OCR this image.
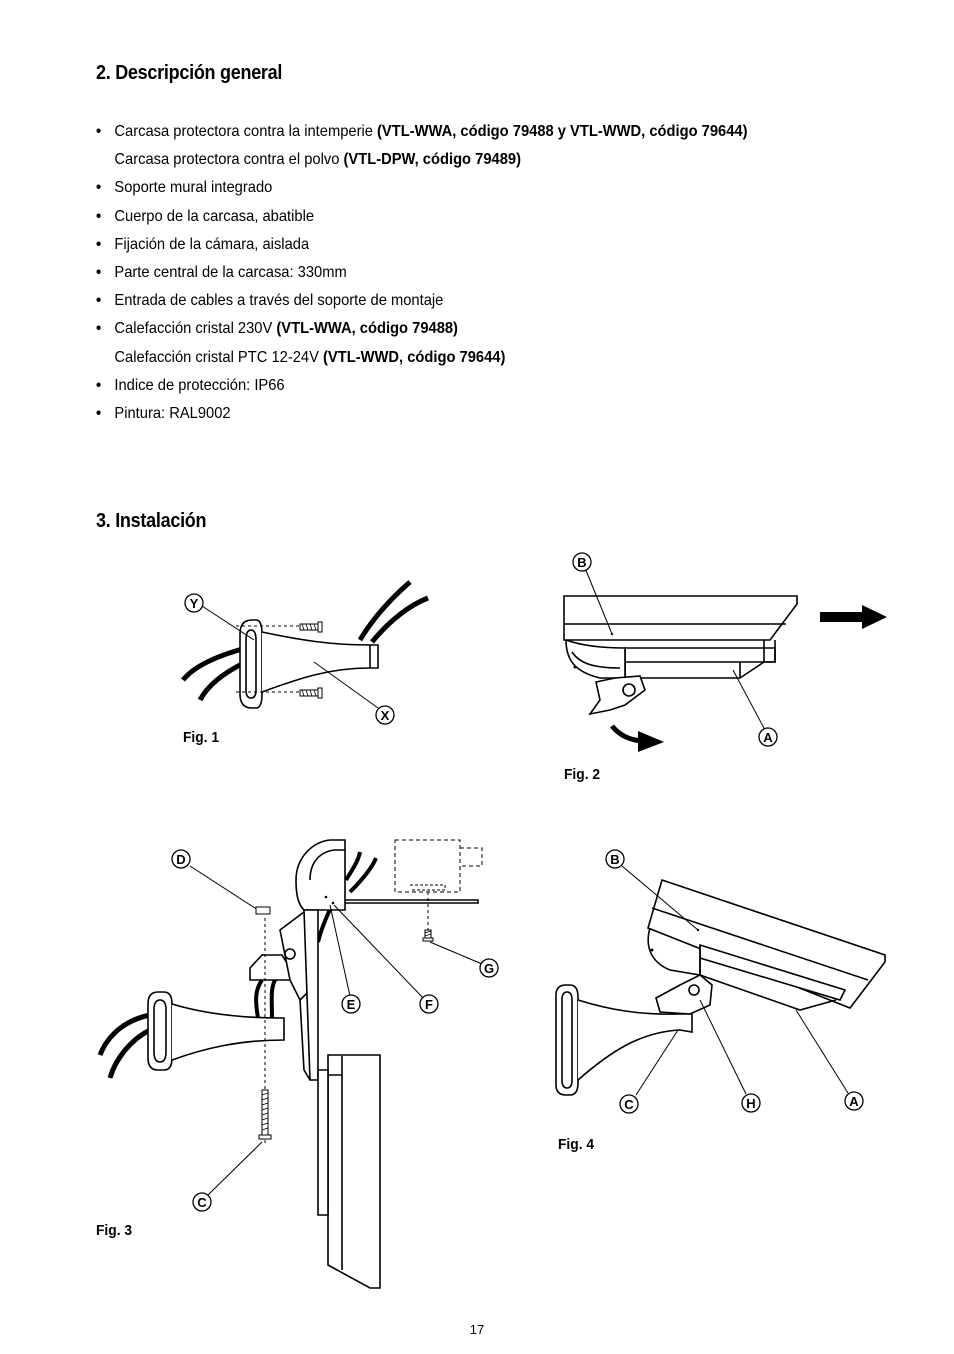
2. Descripción general
• Carcasa protectora contra la intemperie (VTL-WWA, código 79488 y VTL-WWD, código 79644)
Carcasa protectora contra el polvo (VTL-DPW, código 79489)
• Soporte mural integrado
• Cuerpo de la carcasa, abatible
• Fijación de la cámara, aislada
• Parte central de la carcasa: 330mm
• Entrada de cables a través del soporte de montaje
• Calefacción cristal 230V (VTL-WWA, código 79488)
Calefacción cristal PTC 12-24V (VTL-WWD, código 79644)
• Indice de protección: IP66
• Pintura: RAL9002
3. Instalación
Y
X
B
A
D
G
E	F
C
B
C	H	A
Fig. 1
Fig. 2
Fig. 3
Fig. 4
17
